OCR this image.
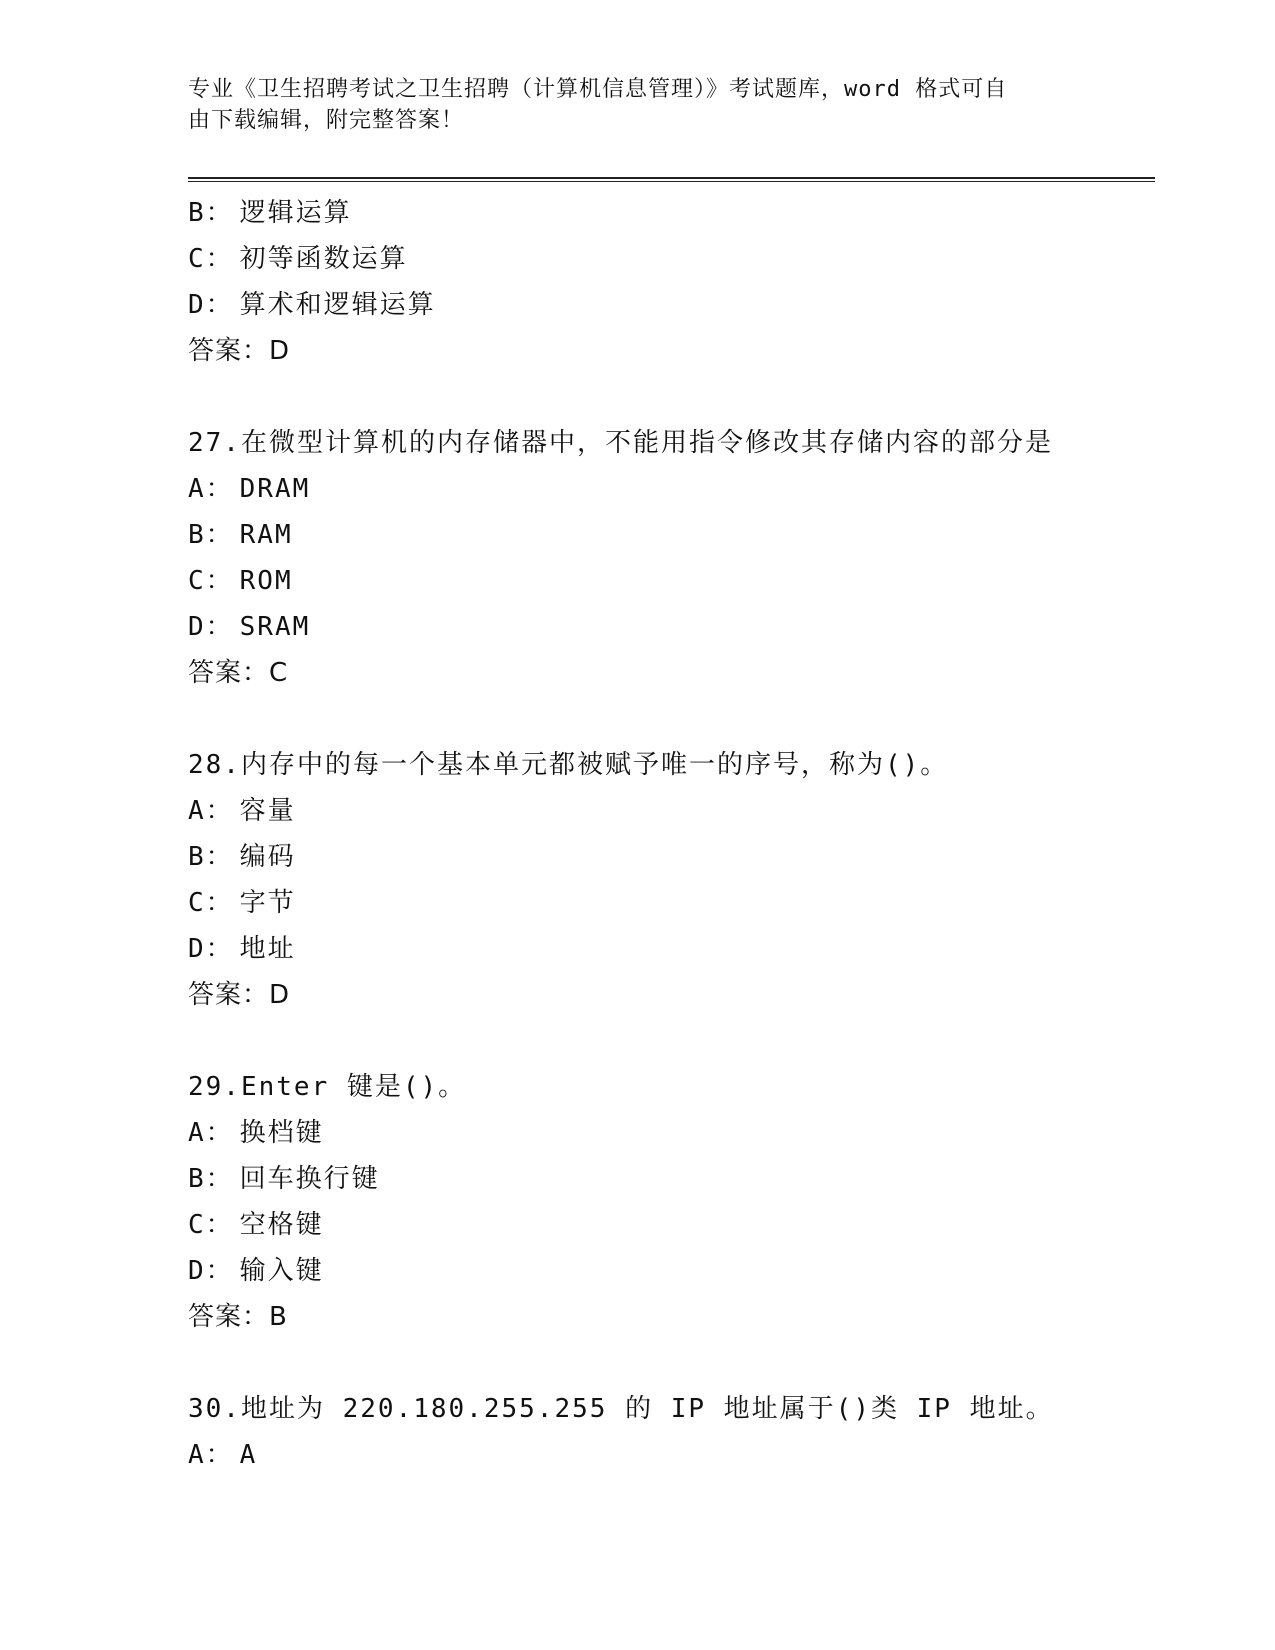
专业《卫生招聘考试之卫生招聘（计算机信息管理）》考试题库，word 格式可自
由下载编辑，附完整答案！
B： 逻辑运算
C： 初等函数运算
D： 算术和逻辑运算
答案：D
27.在微型计算机的内存储器中，不能用指令修改其存储内容的部分是
A： DRAM
B： RAM
C： ROM
D： SRAM
答案：C
28.内存中的每一个基本单元都被赋予唯一的序号，称为()。
A： 容量
B： 编码
C： 字节
D： 地址
答案：D
29.Enter 键是()。
A： 换档键
B： 回车换行键
C： 空格键
D： 输入键
答案：B
30.地址为 220.180.255.255 的 IP 地址属于()类 IP 地址。
A： A
